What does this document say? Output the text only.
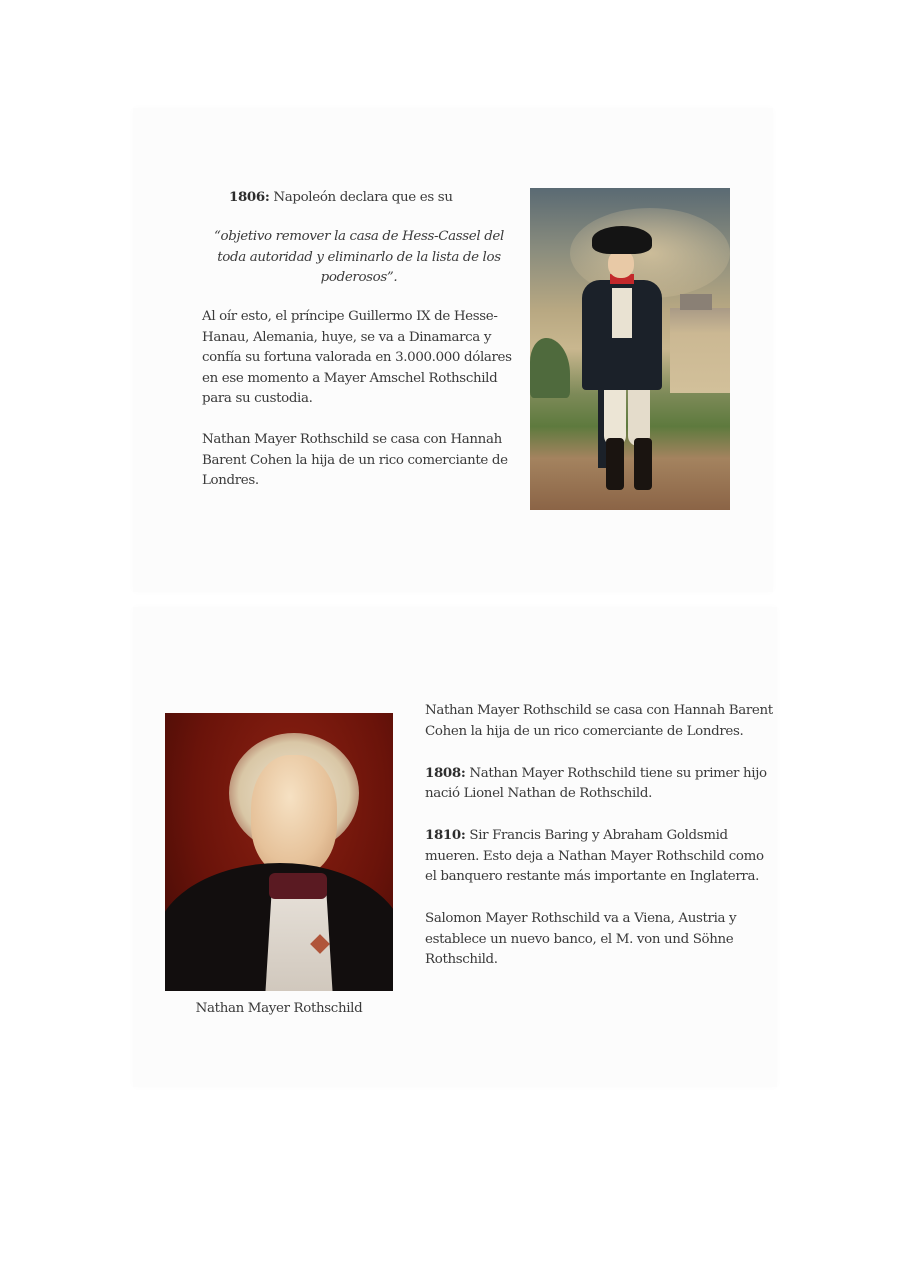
1806: Napoleón declara que es su
“objetivo remover la casa de Hess-Cassel del toda autoridad y eliminarlo de la lista de los poderosos”.

Al oír esto, el príncipe Guillermo IX de Hesse-Hanau, Alemania, huye, se va a Dinamarca y confía su fortuna valorada en 3.000.000 dólares en ese momento a Mayer Amschel Rothschild para su custodia.

Nathan Mayer Rothschild se casa con Hannah Barent Cohen la hija de un rico comerciante de Londres.

Nathan Mayer Rothschild

Nathan Mayer Rothschild se casa con Hannah Barent Cohen la hija de un rico comerciante de Londres.

1808: Nathan Mayer Rothschild tiene su primer hijo nació Lionel Nathan de Rothschild.

1810: Sir Francis Baring y Abraham Goldsmid mueren. Esto deja a Nathan Mayer Rothschild como el banquero restante más importante en Inglaterra.

Salomon Mayer Rothschild va a Viena, Austria y establece un nuevo banco, el M. von und Söhne Rothschild.
